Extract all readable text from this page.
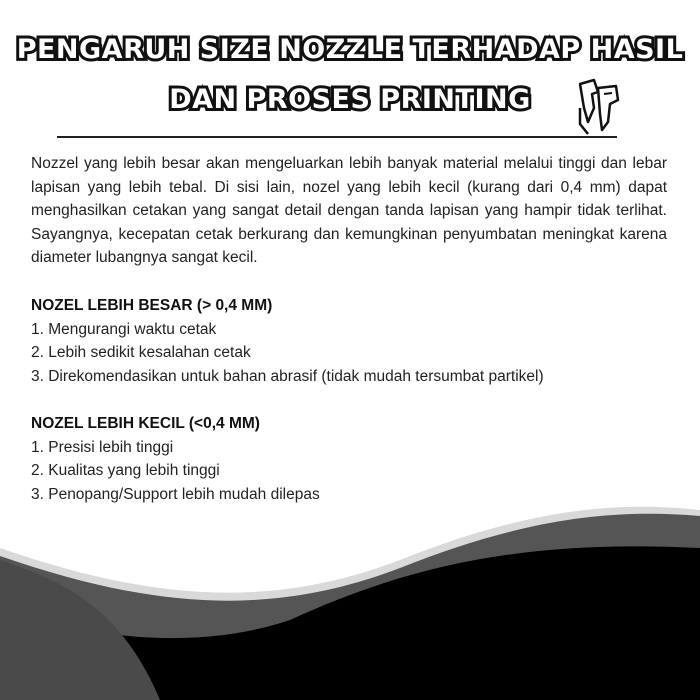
PENGARUH SIZE NOZZLE TERHADAP HASIL
DAN PROSES PRINTING

Nozzel yang lebih besar akan mengeluarkan lebih banyak material melalui tinggi dan lebar lapisan yang lebih tebal. Di sisi lain, nozel yang lebih kecil (kurang dari 0,4 mm) dapat menghasilkan cetakan yang sangat detail dengan tanda lapisan yang hampir tidak terlihat. Sayangnya, kecepatan cetak berkurang dan kemungkinan penyumbatan meningkat karena diameter lubangnya sangat kecil.

NOZEL LEBIH BESAR (> 0,4 MM)

1. Mengurangi waktu cetak
2. Lebih sedikit kesalahan cetak
3. Direkomendasikan untuk bahan abrasif (tidak mudah tersumbat partikel)

NOZEL LEBIH KECIL (<0,4 MM)

1. Presisi lebih tinggi
2. Kualitas yang lebih tinggi
3. Penopang/Support lebih mudah dilepas
